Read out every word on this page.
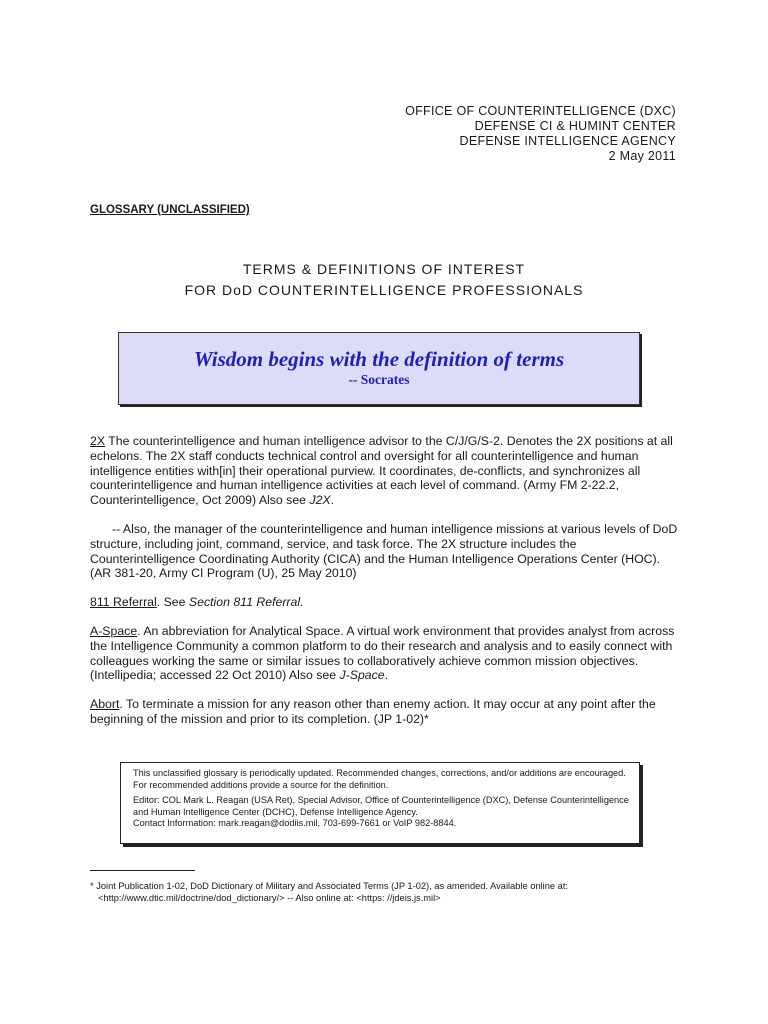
OFFICE OF COUNTERINTELLIGENCE (DXC)
DEFENSE CI & HUMINT CENTER
DEFENSE INTELLIGENCE AGENCY
2 May 2011
GLOSSARY (UNCLASSIFIED)
TERMS & DEFINITIONS OF INTEREST
FOR DoD COUNTERINTELLIGENCE PROFESSIONALS
Wisdom begins with the definition of terms
-- Socrates

2X The counterintelligence and human intelligence advisor to the C/J/G/S-2. Denotes the 2X positions at all echelons. The 2X staff conducts technical control and oversight for all counterintelligence and human intelligence entities with[in] their operational purview. It coordinates, de-conflicts, and synchronizes all counterintelligence and human intelligence activities at each level of command. (Army FM 2-22.2, Counterintelligence, Oct 2009) Also see J2X.

-- Also, the manager of the counterintelligence and human intelligence missions at various levels of DoD structure, including joint, command, service, and task force. The 2X structure includes the Counterintelligence Coordinating Authority (CICA) and the Human Intelligence Operations Center (HOC). (AR 381-20, Army CI Program (U), 25 May 2010)

811 Referral. See Section 811 Referral.

A-Space. An abbreviation for Analytical Space. A virtual work environment that provides analyst from across the Intelligence Community a common platform to do their research and analysis and to easily connect with colleagues working the same or similar issues to collaboratively achieve common mission objectives. (Intellipedia; accessed 22 Oct 2010) Also see J-Space.

Abort. To terminate a mission for any reason other than enemy action. It may occur at any point after the beginning of the mission and prior to its completion. (JP 1-02)*

This unclassified glossary is periodically updated. Recommended changes, corrections, and/or additions are encouraged. For recommended additions provide a source for the definition.

Editor: COL Mark L. Reagan (USA Ret), Special Advisor, Office of Counterintelligence (DXC), Defense Counterintelligence and Human Intelligence Center (DCHC), Defense Intelligence Agency.

Contact Information: mark.reagan@dodiis.mil, 703-699-7661 or VoIP 982-8844.

* Joint Publication 1-02, DoD Dictionary of Military and Associated Terms (JP 1-02), as amended. Available online at:
<http://www.dtic.mil/doctrine/dod_dictionary/> -- Also online at: <https: //jdeis.js.mil>
